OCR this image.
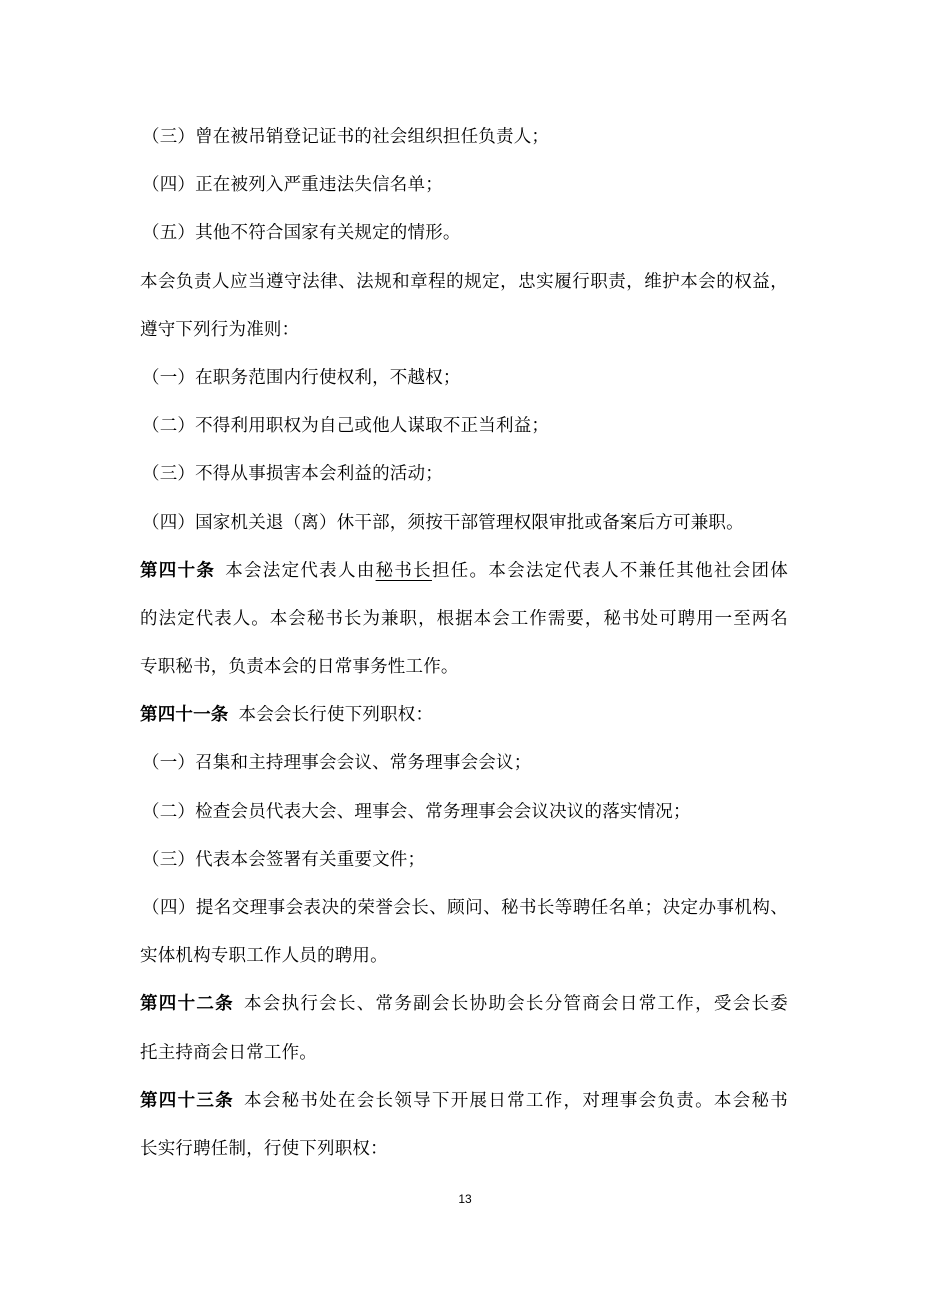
（三）曾在被吊销登记证书的社会组织担任负责人；
（四）正在被列入严重违法失信名单；
（五）其他不符合国家有关规定的情形。
本会负责人应当遵守法律、法规和章程的规定，忠实履行职责，维护本会的权益，
遵守下列行为准则：
（一）在职务范围内行使权利，不越权；
（二）不得利用职权为自己或他人谋取不正当利益；
（三）不得从事损害本会利益的活动；
（四）国家机关退（离）休干部，须按干部管理权限审批或备案后方可兼职。
第四十条 本会法定代表人由秘书长担任。本会法定代表人不兼任其他社会团体
的法定代表人。本会秘书长为兼职，根据本会工作需要，秘书处可聘用一至两名
专职秘书，负责本会的日常事务性工作。
第四十一条 本会会长行使下列职权：
（一）召集和主持理事会会议、常务理事会会议；
（二）检查会员代表大会、理事会、常务理事会会议决议的落实情况；
（三）代表本会签署有关重要文件；
（四）提名交理事会表决的荣誉会长、顾问、秘书长等聘任名单；决定办事机构、
实体机构专职工作人员的聘用。
第四十二条 本会执行会长、常务副会长协助会长分管商会日常工作，受会长委
托主持商会日常工作。
第四十三条 本会秘书处在会长领导下开展日常工作，对理事会负责。本会秘书
长实行聘任制，行使下列职权：
13
